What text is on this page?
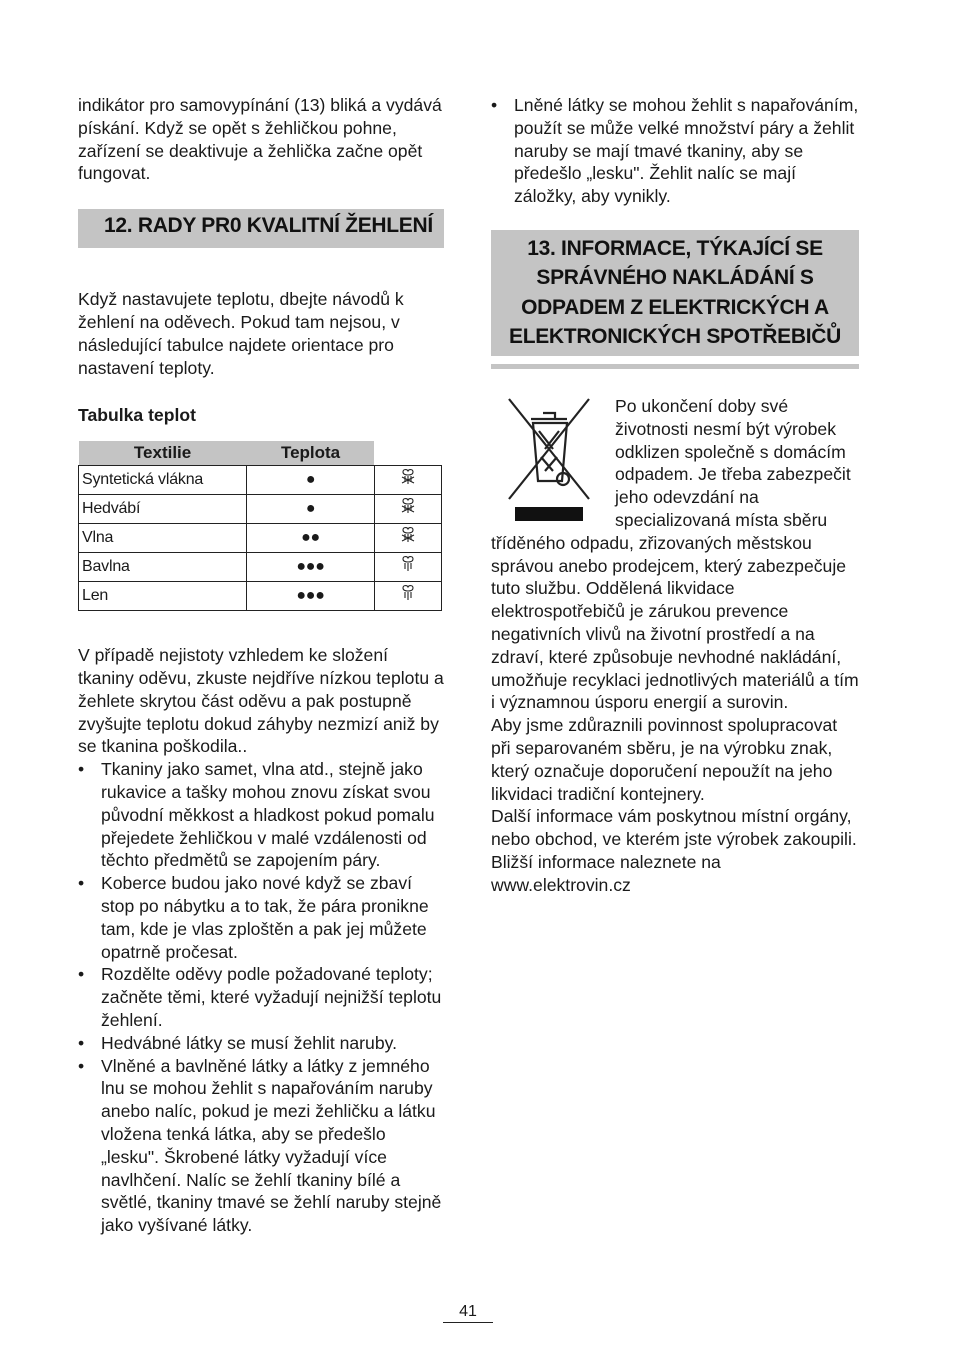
indikátor pro samovypínání (13) bliká a vydává pískání. Když se opět s žehličkou pohne, zařízení se deaktivuje a žehlička začne opět fungovat.

12. RADY PR0 KVALITNÍ ŽEHLENÍ

Když nastavujete teplotu, dbejte návodů k žehlení na oděvech. Pokud tam nejsou, v následující tabulce najdete orientace pro nastavení teploty.

Tabulka teplot

Textilie	Teplota	
Syntetická vlákna	●	
Hedvábí	●	
Vlna	●●	
Bavlna	●●●	
Len	●●●	

V případě nejistoty vzhledem ke složení tkaniny oděvu, zkuste nejdříve nízkou teplotu a žehlete skrytou část oděvu a pak postupně zvyšujte teplotu dokud záhyby nezmizí aniž by se tkanina poškodila..

• Tkaniny jako samet, vlna atd., stejně jako rukavice a tašky mohou znovu získat svou původní měkkost a hladkost pokud pomalu přejedete žehličkou v malé vzdálenosti od těchto předmětů se zapojením páry.
• Koberce budou jako nové když se zbaví stop po nábytku a to tak, že pára pronikne tam, kde je vlas zploštěn a pak jej můžete opatrně pročesat.
• Rozdělte oděvy podle požadované teploty; začněte těmi, které vyžadují nejnižší teplotu žehlení.
• Hedvábné látky se musí žehlit naruby.
• Vlněné a bavlněné látky a látky z jemného lnu se mohou žehlit s napařováním naruby anebo nalíc, pokud je mezi žehličku a látku vložena tenká látka, aby se předešlo „lesku". Škrobené látky vyžadují více navlhčení. Nalíc se žehlí tkaniny bílé a světlé, tkaniny tmavé se žehlí naruby stejně jako vyšívané látky.
• Lněné látky se mohou žehlit s napařováním, použít se může velké množství páry a žehlit naruby se mají tmavé tkaniny, aby se předešlo „lesku". Žehlit nalíc se mají záložky, aby vynikly.
13. INFORMACE, TÝKAJÍCÍ SE SPRÁVNÉHO NAKLÁDÁNÍ S ODPADEM Z ELEKTRICKÝCH A ELEKTRONICKÝCH SPOTŘEBIČŮ

Po ukončení doby své životnosti nesmí být výrobek odklizen společně s domácím odpadem. Je třeba zabezpečit jeho odevzdání na specializovaná místa sběru tříděného odpadu, zřizovaných městskou správou anebo prodejcem, který zabezpečuje tuto službu. Oddělená likvidace elektrospotřebičů je zárukou prevence negativních vlivů na životní prostředí a na zdraví, které způsobuje nevhodné nakládání, umožňuje recyklaci jednotlivých materiálů a tím i významnou úsporu energií a surovin.

Aby jsme zdůraznili povinnost spolupracovat při separovaném sběru, je na výrobku znak, který označuje doporučení nepoužít na jeho likvidaci tradiční kontejnery.

Další informace vám poskytnou místní orgány, nebo obchod, ve kterém jste výrobek zakoupili.

Bližší informace naleznete na www.elektrovin.cz

41
